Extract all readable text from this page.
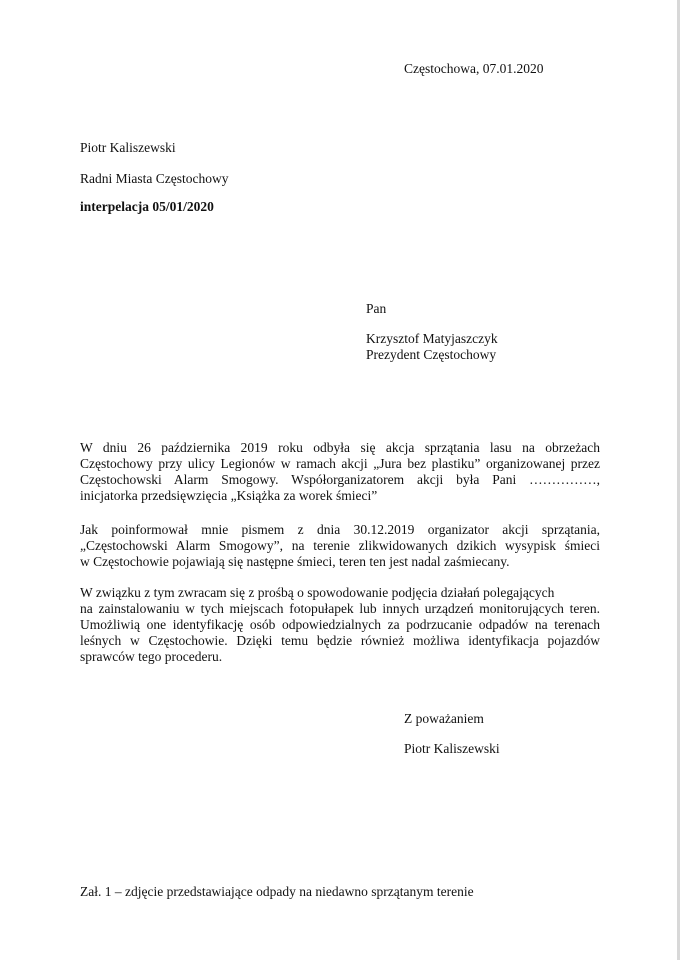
Częstochowa, 07.01.2020
Piotr Kaliszewski
Radni Miasta Częstochowy
interpelacja 05/01/2020
Pan
Krzysztof Matyjaszczyk
Prezydent Częstochowy
W dniu 26 października 2019 roku odbyła się akcja sprzątania lasu na obrzeżach
Częstochowy przy ulicy Legionów w ramach akcji „Jura bez plastiku” organizowanej przez
Częstochowski Alarm Smogowy. Współorganizatorem akcji była Pani ……………,
inicjatorka przedsięwzięcia „Książka za worek śmieci”
Jak poinformował mnie pismem z dnia 30.12.2019 organizator akcji sprzątania,
„Częstochowski Alarm Smogowy”, na terenie zlikwidowanych dzikich wysypisk śmieci
w Częstochowie pojawiają się następne śmieci, teren ten jest nadal zaśmiecany.
W związku z tym zwracam się z prośbą o spowodowanie podjęcia działań polegających
na zainstalowaniu w tych miejscach fotopułapek lub innych urządzeń monitorujących teren.
Umożliwią one identyfikację osób odpowiedzialnych za podrzucanie odpadów na terenach
leśnych w Częstochowie. Dzięki temu będzie również możliwa identyfikacja pojazdów
sprawców tego procederu.
Z poważaniem
Piotr Kaliszewski
Zał. 1 – zdjęcie przedstawiające odpady na niedawno sprzątanym terenie
